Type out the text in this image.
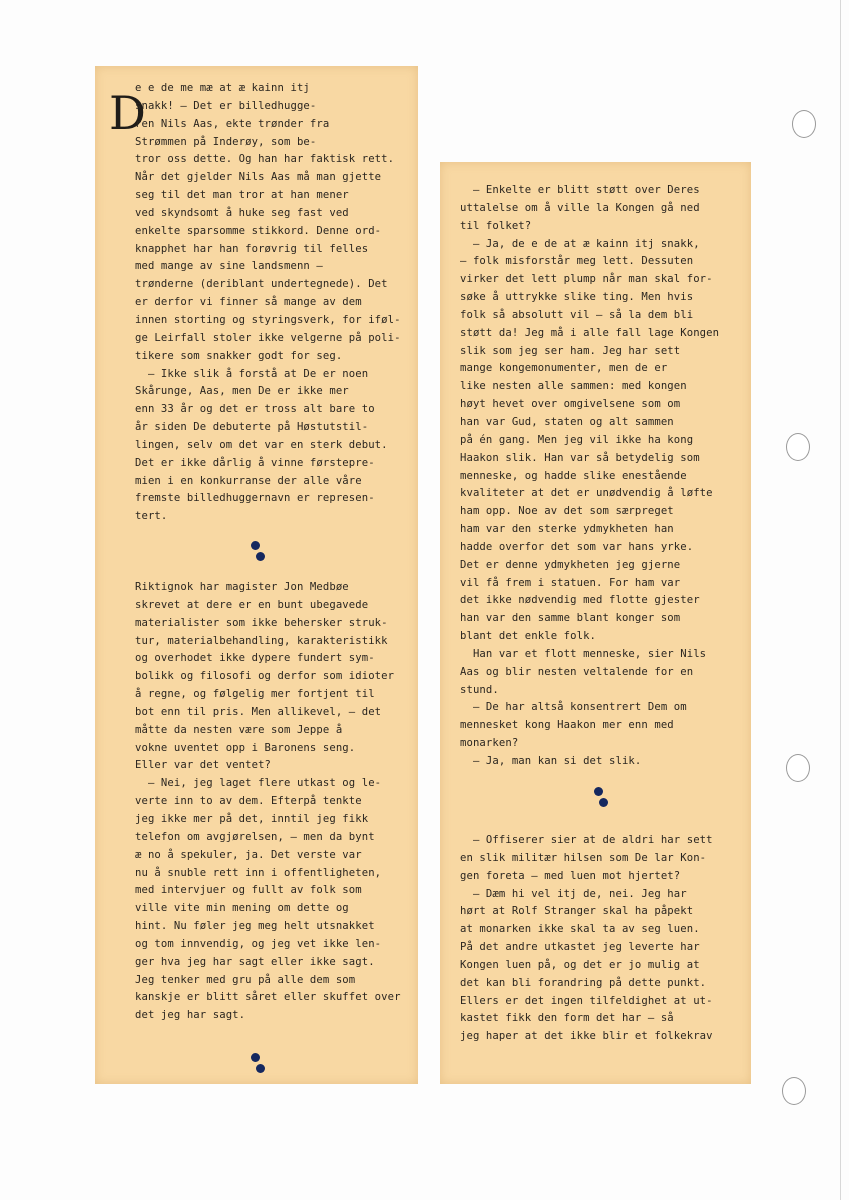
D
e e de me mæ at æ kainn itj
snakk! — Det er billedhugge-
ren Nils Aas, ekte trønder fra
Strømmen på Inderøy, som be-
tror oss dette. Og han har faktisk rett.
Når det gjelder Nils Aas må man gjette
seg til det man tror at han mener
ved skyndsomt å huke seg fast ved
enkelte sparsomme stikkord. Denne ord-
knapphet har han forøvrig til felles
med mange av sine landsmenn —
trønderne (deriblant undertegnede). Det
er derfor vi finner så mange av dem
innen storting og styringsverk, for iføl-
ge Leirfall stoler ikke velgerne på poli-
tikere som snakker godt for seg.
— Ikke slik å forstå at De er noen
Skårunge, Aas, men De er ikke mer
enn 33 år og det er tross alt bare to
år siden De debuterte på Høstutstil-
lingen, selv om det var en sterk debut.
Det er ikke dårlig å vinne førstepre-
mien i en konkurranse der alle våre
fremste billedhuggernavn er represen-
tert.
Riktignok har magister Jon Medbøe
skrevet at dere er en bunt ubegavede
materialister som ikke behersker struk-
tur, materialbehandling, karakteristikk
og overhodet ikke dypere fundert sym-
bolikk og filosofi og derfor som idioter
å regne, og følgelig mer fortjent til
bot enn til pris. Men allikevel, — det
måtte da nesten være som Jeppe å
vokne uventet opp i Baronens seng.
Eller var det ventet?
— Nei, jeg laget flere utkast og le-
verte inn to av dem. Efterpå tenkte
jeg ikke mer på det, inntil jeg fikk
telefon om avgjørelsen, — men da bynt
æ no å spekuler, ja. Det verste var
nu å snuble rett inn i offentligheten,
med intervjuer og fullt av folk som
ville vite min mening om dette og
hint. Nu føler jeg meg helt utsnakket
og tom innvendig, og jeg vet ikke len-
ger hva jeg har sagt eller ikke sagt.
Jeg tenker med gru på alle dem som
kanskje er blitt såret eller skuffet over
det jeg har sagt.
— Enkelte er blitt støtt over Deres
uttalelse om å ville la Kongen gå ned
til folket?
— Ja, de e de at æ kainn itj snakk,
— folk misforstår meg lett. Dessuten
virker det lett plump når man skal for-
søke å uttrykke slike ting. Men hvis
folk så absolutt vil — så la dem bli
støtt da! Jeg må i alle fall lage Kongen
slik som jeg ser ham. Jeg har sett
mange kongemonumenter, men de er
like nesten alle sammen: med kongen
høyt hevet over omgivelsene som om
han var Gud, staten og alt sammen
på én gang. Men jeg vil ikke ha kong
Haakon slik. Han var så betydelig som
menneske, og hadde slike enestående
kvaliteter at det er unødvendig å løfte
ham opp. Noe av det som særpreget
ham var den sterke ydmykheten han
hadde overfor det som var hans yrke.
Det er denne ydmykheten jeg gjerne
vil få frem i statuen. For ham var
det ikke nødvendig med flotte gjester
han var den samme blant konger som
blant det enkle folk.
Han var et flott menneske, sier Nils
Aas og blir nesten veltalende for en
stund.
— De har altså konsentrert Dem om
mennesket kong Haakon mer enn med
monarken?
— Ja, man kan si det slik.
— Offiserer sier at de aldri har sett
en slik militær hilsen som De lar Kon-
gen foreta — med luen mot hjertet?
— Dæm hi vel itj de, nei. Jeg har
hørt at Rolf Stranger skal ha påpekt
at monarken ikke skal ta av seg luen.
På det andre utkastet jeg leverte har
Kongen luen på, og det er jo mulig at
det kan bli forandring på dette punkt.
Ellers er det ingen tilfeldighet at ut-
kastet fikk den form det har — så
jeg haper at det ikke blir et folkekrav
